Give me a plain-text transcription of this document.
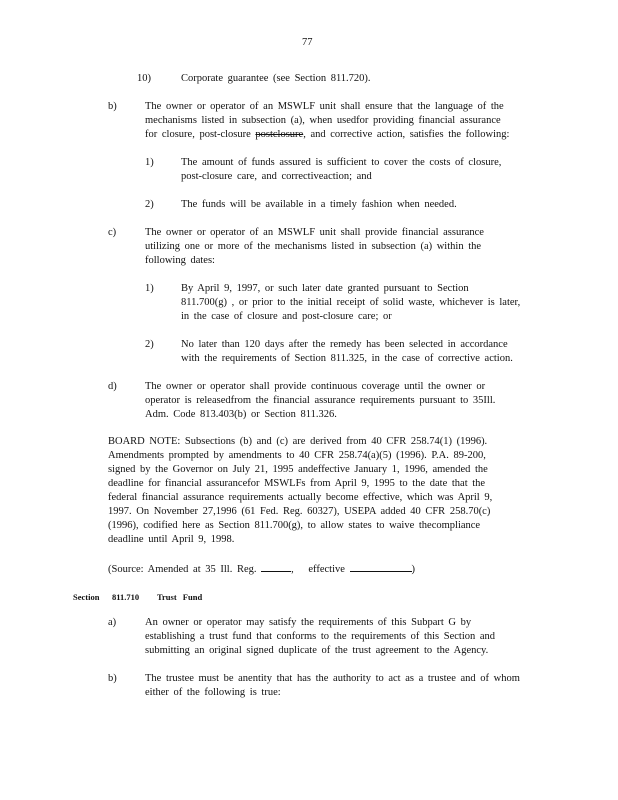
77
10)	Corporate guarantee (see Section 811.720).
b)	The owner or operator of an MSWLF unit shall ensure that the language of the
mechanisms listed in subsection (a), when usedfor providing financial assurance
for closure, post-closure postclosure, and corrective action, satisfies the following:
1)	The amount of funds assured is sufficient to cover the costs of closure,
post-closure care, and correctiveaction; and
2)	The funds will be available in a timely fashion when needed.
c)	The owner or operator of an MSWLF unit shall provide financial assurance
utilizing one or more of the mechanisms listed in subsection (a) within the
following dates:
1)	By April 9, 1997, or such later date granted pursuant to Section
811.700(g) , or prior to the initial receipt of solid waste, whichever is later,
in the case of closure and post-closure care; or
2)	No later than 120 days after the remedy has been selected in accordance
with the requirements of Section 811.325, in the case of corrective action.
d)	The owner or operator shall provide continuous coverage until the owner or
operator is releasedfrom the financial assurance requirements pursuant to 35Ill.
Adm. Code 813.403(b) or Section 811.326.
BOARD NOTE: Subsections (b) and (c) are derived from 40 CFR 258.74(1) (1996).
Amendments prompted by amendments to 40 CFR 258.74(a)(5) (1996). P.A. 89-200,
signed by the Governor on July 21, 1995 andeffective January 1, 1996, amended the
deadline for financial assurancefor MSWLFs from April 9, 1995 to the date that the
federal financial assurance requirements actually become effective, which was April 9,
1997. On November 27,1996 (61 Fed. Reg. 60327), USEPA added 40 CFR 258.70(c)
(1996), codified here as Section 811.700(g), to allow states to waive thecompliance
deadline until April 9, 1998.
(Source: Amended at 35 Ill. Reg.	, effective	)
Section 811.710 Trust Fund
a)	An owner or operator may satisfy the requirements of this Subpart G by
establishing a trust fund that conforms to the requirements of this Section and
submitting an original signed duplicate of the trust agreement to the Agency.
b)	The trustee must be anentity that has the authority to act as a trustee and of whom
either of the following is true:
